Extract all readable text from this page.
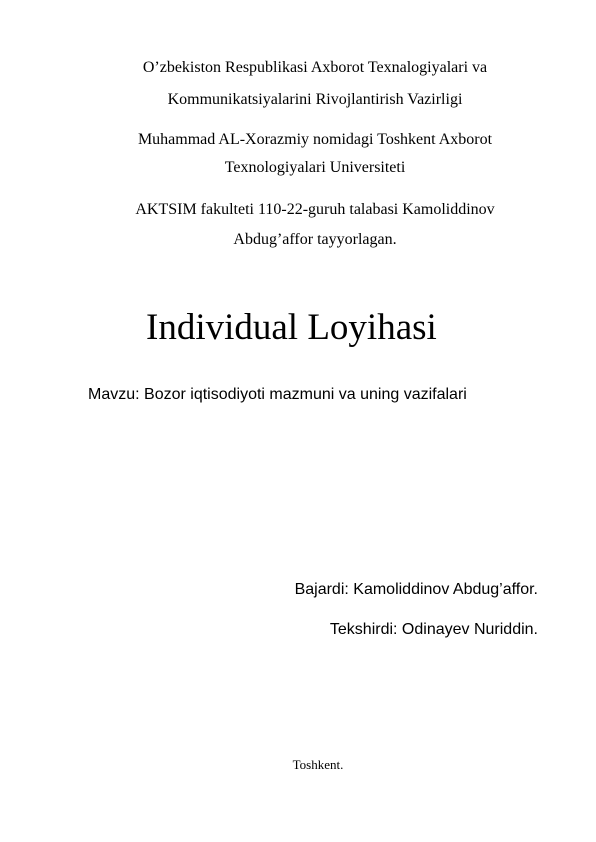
O’zbekiston Respublikasi Axborot Texnalogiyalari va
Kommunikatsiyalarini Rivojlantirish Vazirligi
Muhammad AL-Xorazmiy nomidagi Toshkent Axborot
Texnologiyalari Universiteti
AKTSIM fakulteti 110-22-guruh talabasi Kamoliddinov
Abdug’affor tayyorlagan.
Individual Loyihasi
Mavzu: Bozor iqtisodiyoti mazmuni va uning vazifalari
Bajardi: Kamoliddinov Abdug’affor.
Tekshirdi: Odinayev Nuriddin.
Toshkent.
